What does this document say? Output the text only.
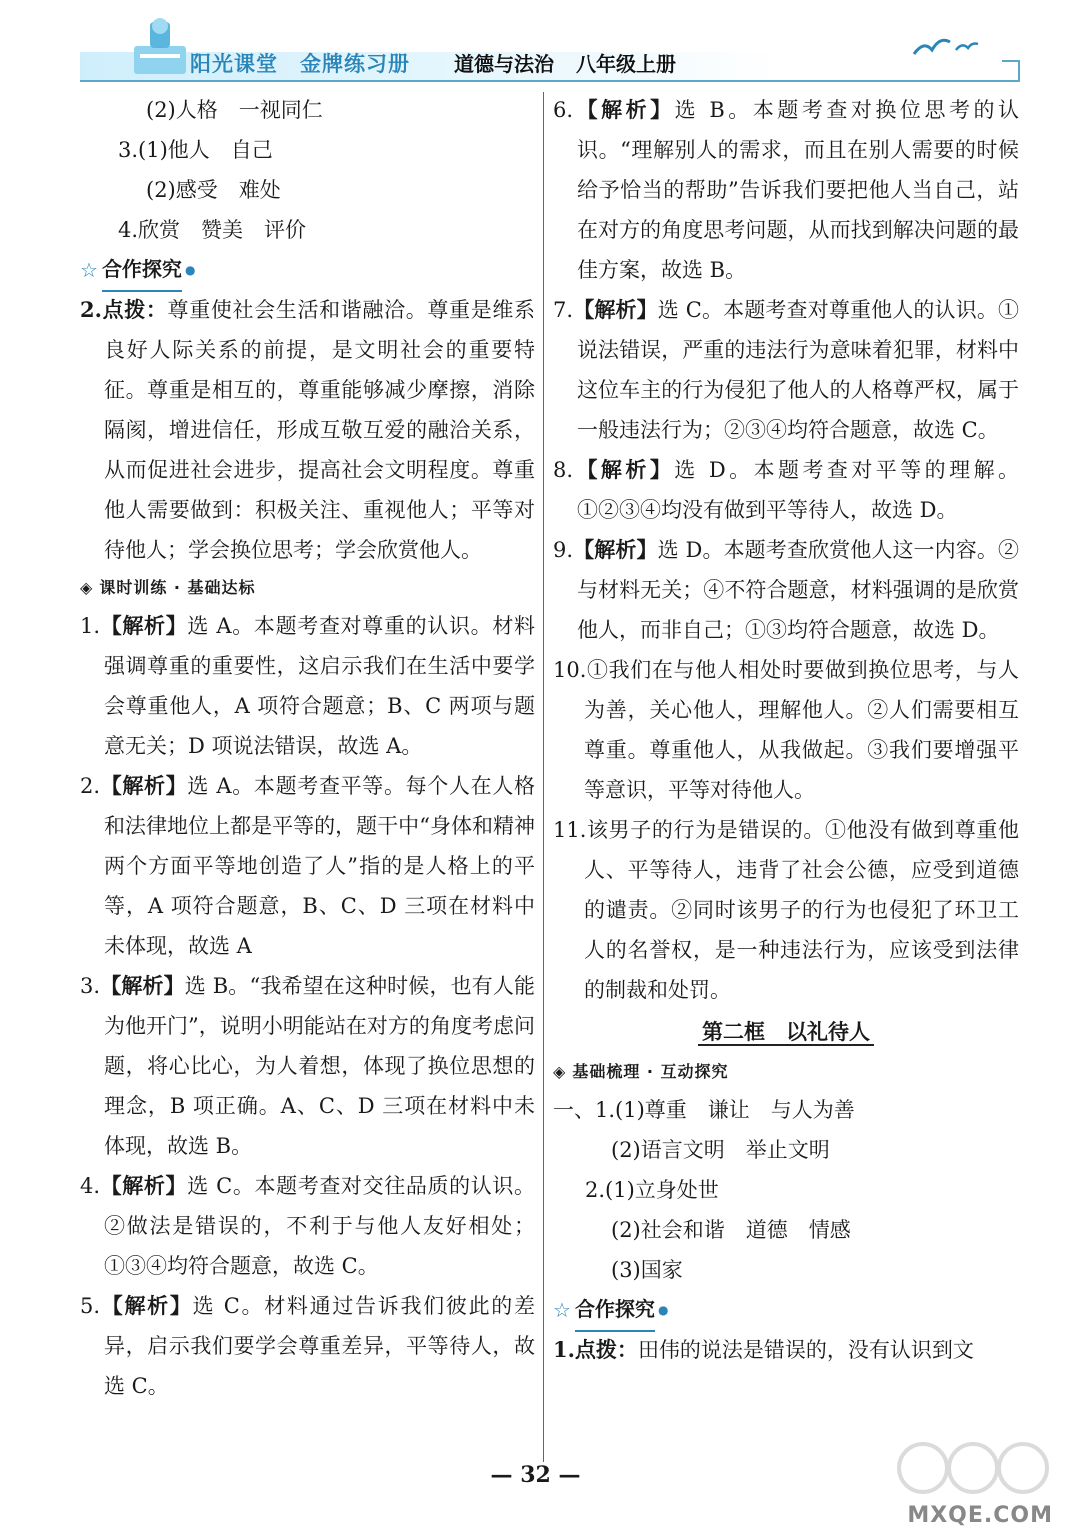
阳光课堂　金牌练习册 道德与法治 八年级上册
(2)人格　一视同仁
3.(1)他人　自己
(2)感受　难处
4.欣赏　赞美　评价
☆ 合作探究 ●
2.点拨：尊重使社会生活和谐融洽。尊重是维系良好人际关系的前提，是文明社会的重要特征。尊重是相互的，尊重能够减少摩擦，消除隔阂，增进信任，形成互敬互爱的融洽关系，从而促进社会进步，提高社会文明程度。尊重他人需要做到：积极关注、重视他人；平等对待他人；学会换位思考；学会欣赏他人。
◈ 课时训练 · 基础达标
1.【解析】选 A。本题考查对尊重的认识。材料强调尊重的重要性，这启示我们在生活中要学会尊重他人，A 项符合题意；B、C 两项与题意无关；D 项说法错误，故选 A。
2.【解析】选 A。本题考查平等。每个人在人格和法律地位上都是平等的，题干中“身体和精神两个方面平等地创造了人”指的是人格上的平等，A 项符合题意，B、C、D 三项在材料中未体现，故选 A
3.【解析】选 B。“我希望在这种时候，也有人能为他开门”，说明小明能站在对方的角度考虑问题，将心比心，为人着想，体现了换位思想的理念，B 项正确。A、C、D 三项在材料中未体现，故选 B。
4.【解析】选 C。本题考查对交往品质的认识。②做法是错误的，不利于与他人友好相处；①③④均符合题意，故选 C。
5.【解析】选 C。材料通过告诉我们彼此的差异，启示我们要学会尊重差异，平等待人，故选 C。
6.【解析】选 B。本题考查对换位思考的认识。“理解别人的需求，而且在别人需要的时候给予恰当的帮助”告诉我们要把他人当自己，站在对方的角度思考问题，从而找到解决问题的最佳方案，故选 B。
7.【解析】选 C。本题考查对尊重他人的认识。①说法错误，严重的违法行为意味着犯罪，材料中这位车主的行为侵犯了他人的人格尊严权，属于一般违法行为；②③④均符合题意，故选 C。
8.【解析】选 D。本题考查对平等的理解。①②③④均没有做到平等待人，故选 D。
9.【解析】选 D。本题考查欣赏他人这一内容。②与材料无关；④不符合题意，材料强调的是欣赏他人，而非自己；①③均符合题意，故选 D。
10.①我们在与他人相处时要做到换位思考，与人为善，关心他人，理解他人。②人们需要相互尊重。尊重他人，从我做起。③我们要增强平等意识，平等对待他人。
11.该男子的行为是错误的。①他没有做到尊重他人、平等待人，违背了社会公德，应受到道德的谴责。②同时该男子的行为也侵犯了环卫工人的名誉权，是一种违法行为，应该受到法律的制裁和处罚。
第二框　以礼待人
◈ 基础梳理 · 互动探究
一、1.(1)尊重　谦让　与人为善
(2)语言文明　举止文明
2.(1)立身处世
(2)社会和谐　道德　情感
(3)国家
☆ 合作探究 ●
1.点拨：田伟的说法是错误的，没有认识到文
— 32 —
MXQE.COM
